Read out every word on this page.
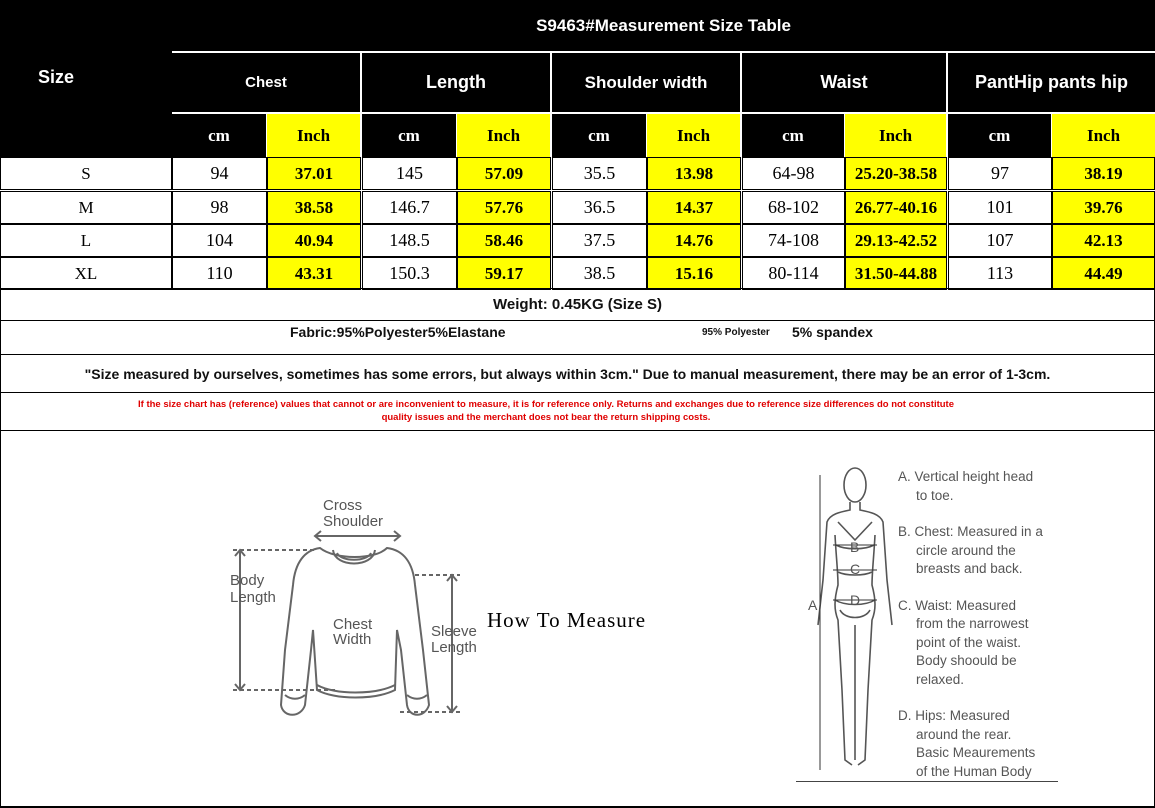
Size
S9463#Measurement Size Table
Chest	Length	Shoulder width	Waist	PantHip pants hip
cm	Inch	cm	Inch	cm	Inch	cm	Inch	cm	Inch
S	94	37.01	145	57.09	35.5	13.98	64-98	25.20-38.58	97	38.19
M	98	38.58	146.7	57.76	36.5	14.37	68-102	26.77-40.16	101	39.76
L	104	40.94	148.5	58.46	37.5	14.76	74-108	29.13-42.52	107	42.13
XL	110	43.31	150.3	59.17	38.5	15.16	80-114	31.50-44.88	113	44.49
Weight: 0.45KG (Size S)
Fabric:95%Polyester5%Elastane	95% Polyester 5% spandex
"Size measured by ourselves, sometimes has some errors, but always within 3cm." Due to manual measurement, there may be an error of 1-3cm.
If the size chart has (reference) values that cannot or are inconvenient to measure, it is for reference only. Returns and exchanges due to reference size differences do not constitute
quality issues and the merchant does not bear the return shipping costs.
How To Measure
Cross
Shoulder
Body
Length
Chest
Width	Sleeve
Length
A
B
C
D
A. Vertical height head
to toe.
B. Chest: Measured in a
circle around the
breasts and back.
C. Waist: Measured
from the narrowest
point of the waist.
Body shoould be
relaxed.
D. Hips: Measured
around the rear.
Basic Meaurements
of the Human Body
